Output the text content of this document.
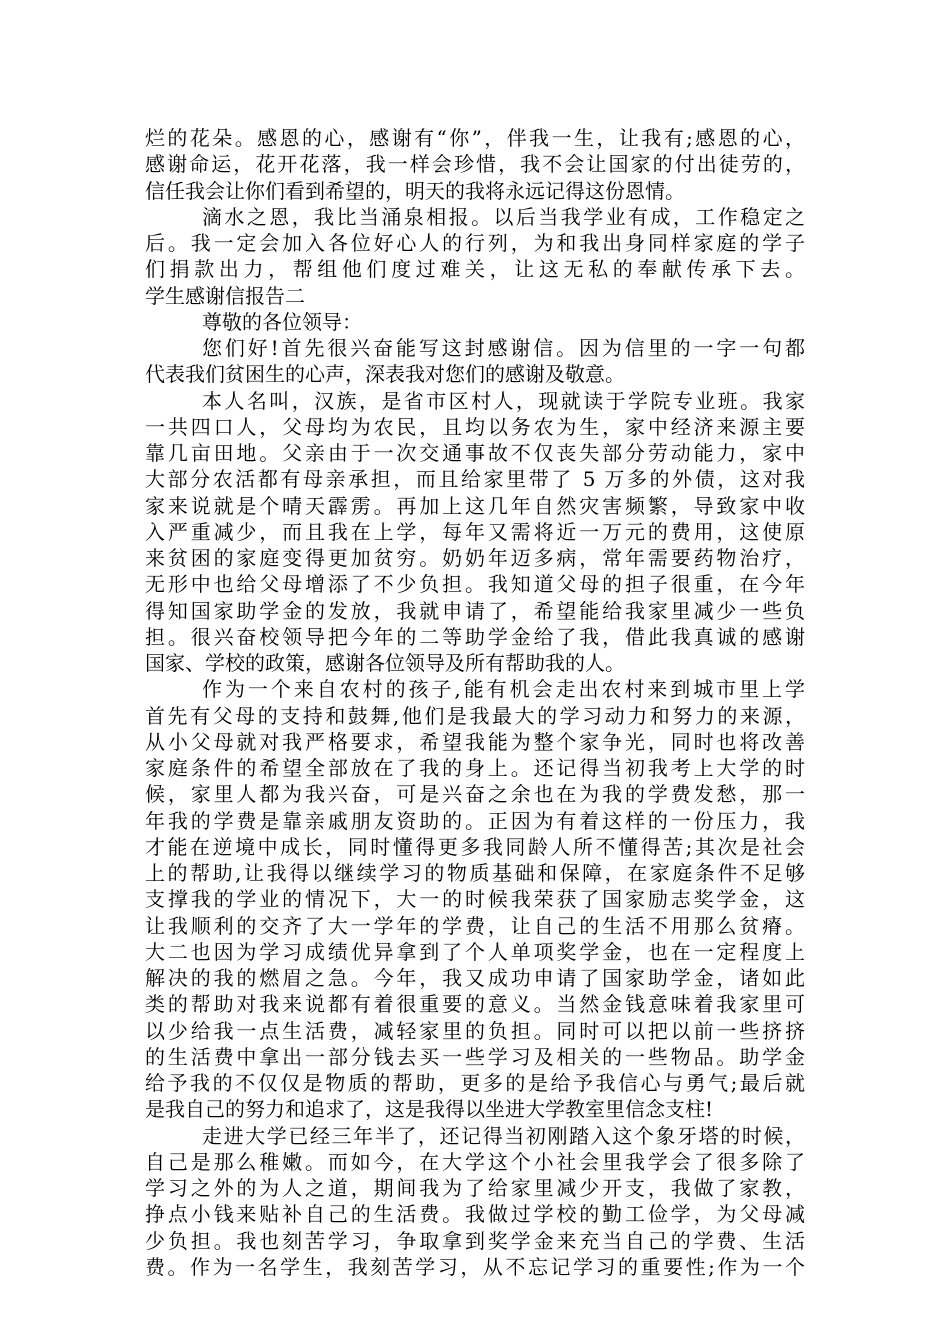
烂的花朵。感恩的心，感谢有“你”，伴我一生，让我有;感恩的心，
感谢命运，花开花落，我一样会珍惜，我不会让国家的付出徒劳的，
信任我会让你们看到希望的，明天的我将永远记得这份恩情。
滴水之恩，我比当涌泉相报。以后当我学业有成，工作稳定之
后。我一定会加入各位好心人的行列，为和我出身同样家庭的学子
们捐款出力，帮组他们度过难关，让这无私的奉献传承下去。
学生感谢信报告二
尊敬的各位领导：
您们好!首先很兴奋能写这封感谢信。因为信里的一字一句都
代表我们贫困生的心声，深表我对您们的感谢及敬意。
本人名叫，汉族，是省市区村人，现就读于学院专业班。我家
一共四口人，父母均为农民，且均以务农为生，家中经济来源主要
靠几亩田地。父亲由于一次交通事故不仅丧失部分劳动能力，家中
大部分农活都有母亲承担，而且给家里带了 5 万多的外债，这对我
家来说就是个晴天霹雳。再加上这几年自然灾害频繁，导致家中收
入严重减少，而且我在上学，每年又需将近一万元的费用，这使原
来贫困的家庭变得更加贫穷。奶奶年迈多病，常年需要药物治疗，
无形中也给父母增添了不少负担。我知道父母的担子很重，在今年
得知国家助学金的发放，我就申请了，希望能给我家里减少一些负
担。很兴奋校领导把今年的二等助学金给了我，借此我真诚的感谢
国家、学校的政策，感谢各位领导及所有帮助我的人。
作为一个来自农村的孩子,能有机会走出农村来到城市里上学
首先有父母的支持和鼓舞,他们是我最大的学习动力和努力的来源，
从小父母就对我严格要求，希望我能为整个家争光，同时也将改善
家庭条件的希望全部放在了我的身上。还记得当初我考上大学的时
候，家里人都为我兴奋，可是兴奋之余也在为我的学费发愁，那一
年我的学费是靠亲戚朋友资助的。正因为有着这样的一份压力，我
才能在逆境中成长，同时懂得更多我同龄人所不懂得苦;其次是社会
上的帮助,让我得以继续学习的物质基础和保障，在家庭条件不足够
支撑我的学业的情况下，大一的时候我荣获了国家励志奖学金，这
让我顺利的交齐了大一学年的学费，让自己的生活不用那么贫瘠。
大二也因为学习成绩优异拿到了个人单项奖学金，也在一定程度上
解决的我的燃眉之急。今年，我又成功申请了国家助学金，诸如此
类的帮助对我来说都有着很重要的意义。当然金钱意味着我家里可
以少给我一点生活费，减轻家里的负担。同时可以把以前一些挤挤
的生活费中拿出一部分钱去买一些学习及相关的一些物品。助学金
给予我的不仅仅是物质的帮助，更多的是给予我信心与勇气;最后就
是我自己的努力和追求了，这是我得以坐进大学教室里信念支柱!
走进大学已经三年半了，还记得当初刚踏入这个象牙塔的时候，
自己是那么稚嫩。而如今，在大学这个小社会里我学会了很多除了
学习之外的为人之道，期间我为了给家里减少开支，我做了家教，
挣点小钱来贴补自己的生活费。我做过学校的勤工俭学，为父母减
少负担。我也刻苦学习，争取拿到奖学金来充当自己的学费、生活
费。作为一名学生，我刻苦学习，从不忘记学习的重要性;作为一个
